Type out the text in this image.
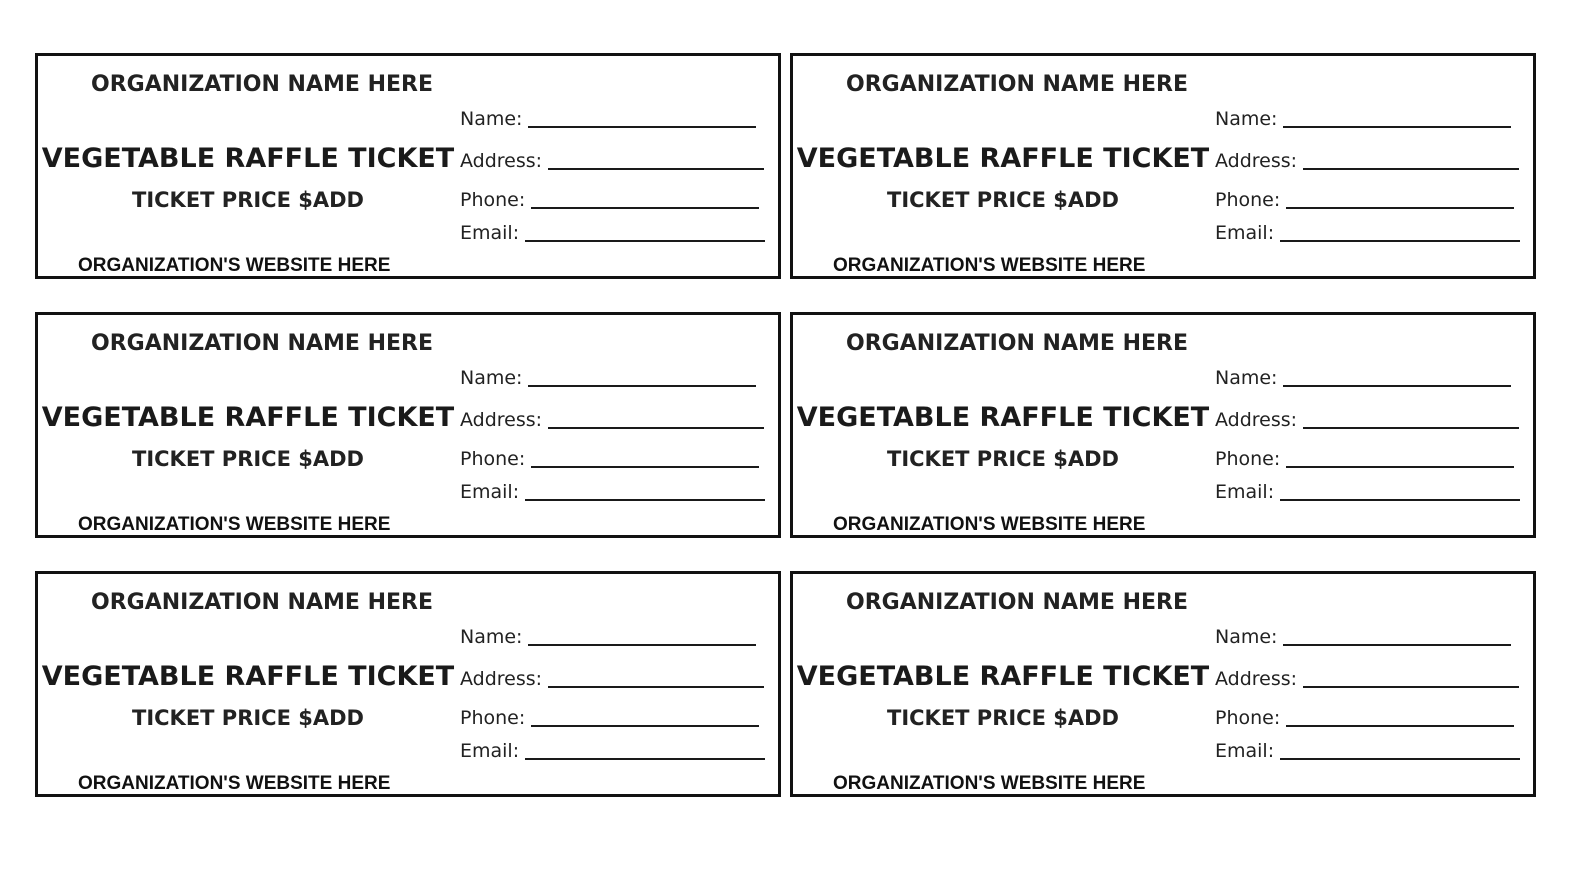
ORGANIZATION NAME HERE
VEGETABLE RAFFLE TICKET
TICKET PRICE $ADD
ORGANIZATION'S WEBSITE HERE
Name:
Address:
Phone:
Email:
ORGANIZATION NAME HERE
VEGETABLE RAFFLE TICKET
TICKET PRICE $ADD
ORGANIZATION'S WEBSITE HERE
Name:
Address:
Phone:
Email:
ORGANIZATION NAME HERE
VEGETABLE RAFFLE TICKET
TICKET PRICE $ADD
ORGANIZATION'S WEBSITE HERE
Name:
Address:
Phone:
Email:
ORGANIZATION NAME HERE
VEGETABLE RAFFLE TICKET
TICKET PRICE $ADD
ORGANIZATION'S WEBSITE HERE
Name:
Address:
Phone:
Email:
ORGANIZATION NAME HERE
VEGETABLE RAFFLE TICKET
TICKET PRICE $ADD
ORGANIZATION'S WEBSITE HERE
Name:
Address:
Phone:
Email:
ORGANIZATION NAME HERE
VEGETABLE RAFFLE TICKET
TICKET PRICE $ADD
ORGANIZATION'S WEBSITE HERE
Name:
Address:
Phone:
Email:
